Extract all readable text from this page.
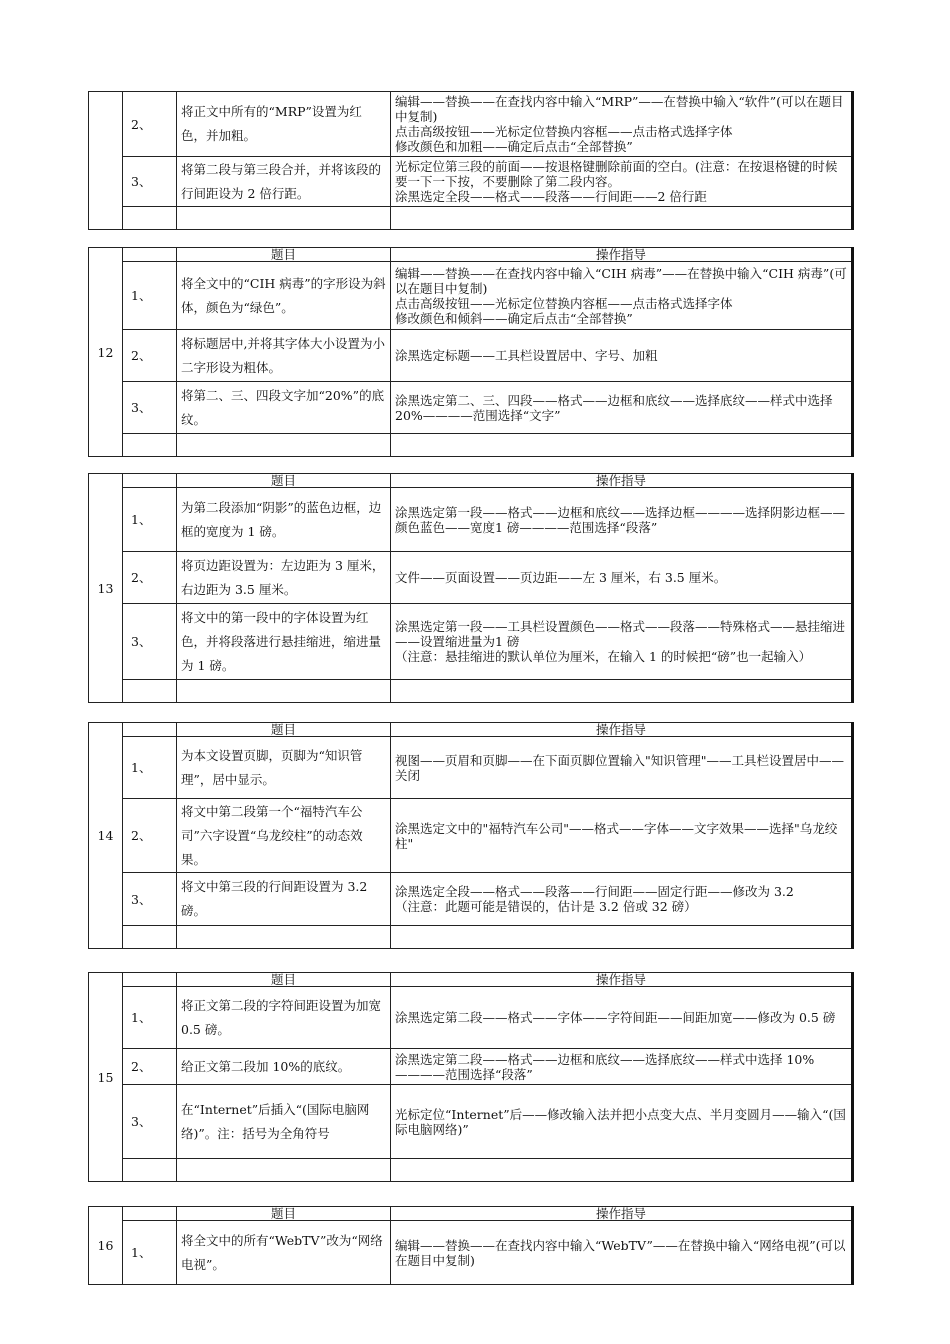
	2、	将正文中所有的“MRP”设置为红色，并加粗。	编辑——替换——在查找内容中输入“MRP”——在替换中输入“软件”(可以在题目中复制)
点击高级按钮——光标定位替换内容框——点击格式选择字体
修改颜色和加粗——确定后点击“全部替换”

	3、	将第二段与第三段合并，并将该段的行间距设为 2 倍行距。	光标定位第三段的前面——按退格键删除前面的空白。(注意：在按退格键的时候要一下一下按，不要删除了第二段内容。
涂黑选定全段——格式——段落——行间距——2 倍行距

12		题目	操作指导
	1、	将全文中的“CIH 病毒”的字形设为斜体，颜色为“绿色”。	编辑——替换——在查找内容中输入“CIH 病毒”——在替换中输入“CIH 病毒”(可以在题目中复制)
点击高级按钮——光标定位替换内容框——点击格式选择字体
修改颜色和倾斜——确定后点击“全部替换”
	2、	将标题居中,并将其字体大小设置为小二字形设为粗体。	涂黑选定标题——工具栏设置居中、字号、加粗
	3、	将第二、三、四段文字加“20%”的底纹。	涂黑选定第二、三、四段——格式——边框和底纹——选择底纹——样式中选择 20%————范围选择“文字”

13		题目	操作指导
	1、	为第二段添加“阴影”的蓝色边框，边框的宽度为 1 磅。	涂黑选定第一段——格式——边框和底纹——选择边框————选择阴影边框——颜色蓝色——宽度1 磅————范围选择“段落”
	2、	将页边距设置为：左边距为 3 厘米，右边距为 3.5 厘米。	文件——页面设置——页边距——左 3 厘米，右 3.5 厘米。
	3、	将文中的第一段中的字体设置为红色，并将段落进行悬挂缩进，缩进量为 1 磅。	涂黑选定第一段——工具栏设置颜色——格式——段落——特殊格式——悬挂缩进——设置缩进量为1 磅
（注意：悬挂缩进的默认单位为厘米，在输入 1 的时候把“磅”也一起输入）

14		题目	操作指导
	1、	为本文设置页脚，页脚为“知识管理”，居中显示。	视图——页眉和页脚——在下面页脚位置输入"知识管理"——工具栏设置居中——关闭
	2、	将文中第二段第一个“福特汽车公司”六字设置“乌龙绞柱”的动态效果。	涂黑选定文中的"福特汽车公司"——格式——字体——文字效果——选择"乌龙绞柱"
	3、	将文中第三段的行间距设置为 3.2 磅。	涂黑选定全段——格式——段落——行间距——固定行距——修改为 3.2
（注意：此题可能是错误的，估计是 3.2 倍或 32 磅）

15		题目	操作指导
	1、	将正文第二段的字符间距设置为加宽 0.5 磅。	涂黑选定第二段——格式——字体——字符间距——间距加宽——修改为 0.5 磅
	2、	给正文第二段加 10%的底纹。	涂黑选定第二段——格式——边框和底纹——选择底纹——样式中选择 10%————范围选择“段落”
	3、	在“Internet”后插入“(国际电脑网络)”。注：括号为全角符号	光标定位“Internet”后——修改输入法并把小点变大点、半月变圆月——输入“(国际电脑网络)”

16		题目	操作指导
	1、	将全文中的所有“WebTV”改为“网络电视”。	编辑——替换——在查找内容中输入“WebTV”——在替换中输入“网络电视”(可以在题目中复制)
